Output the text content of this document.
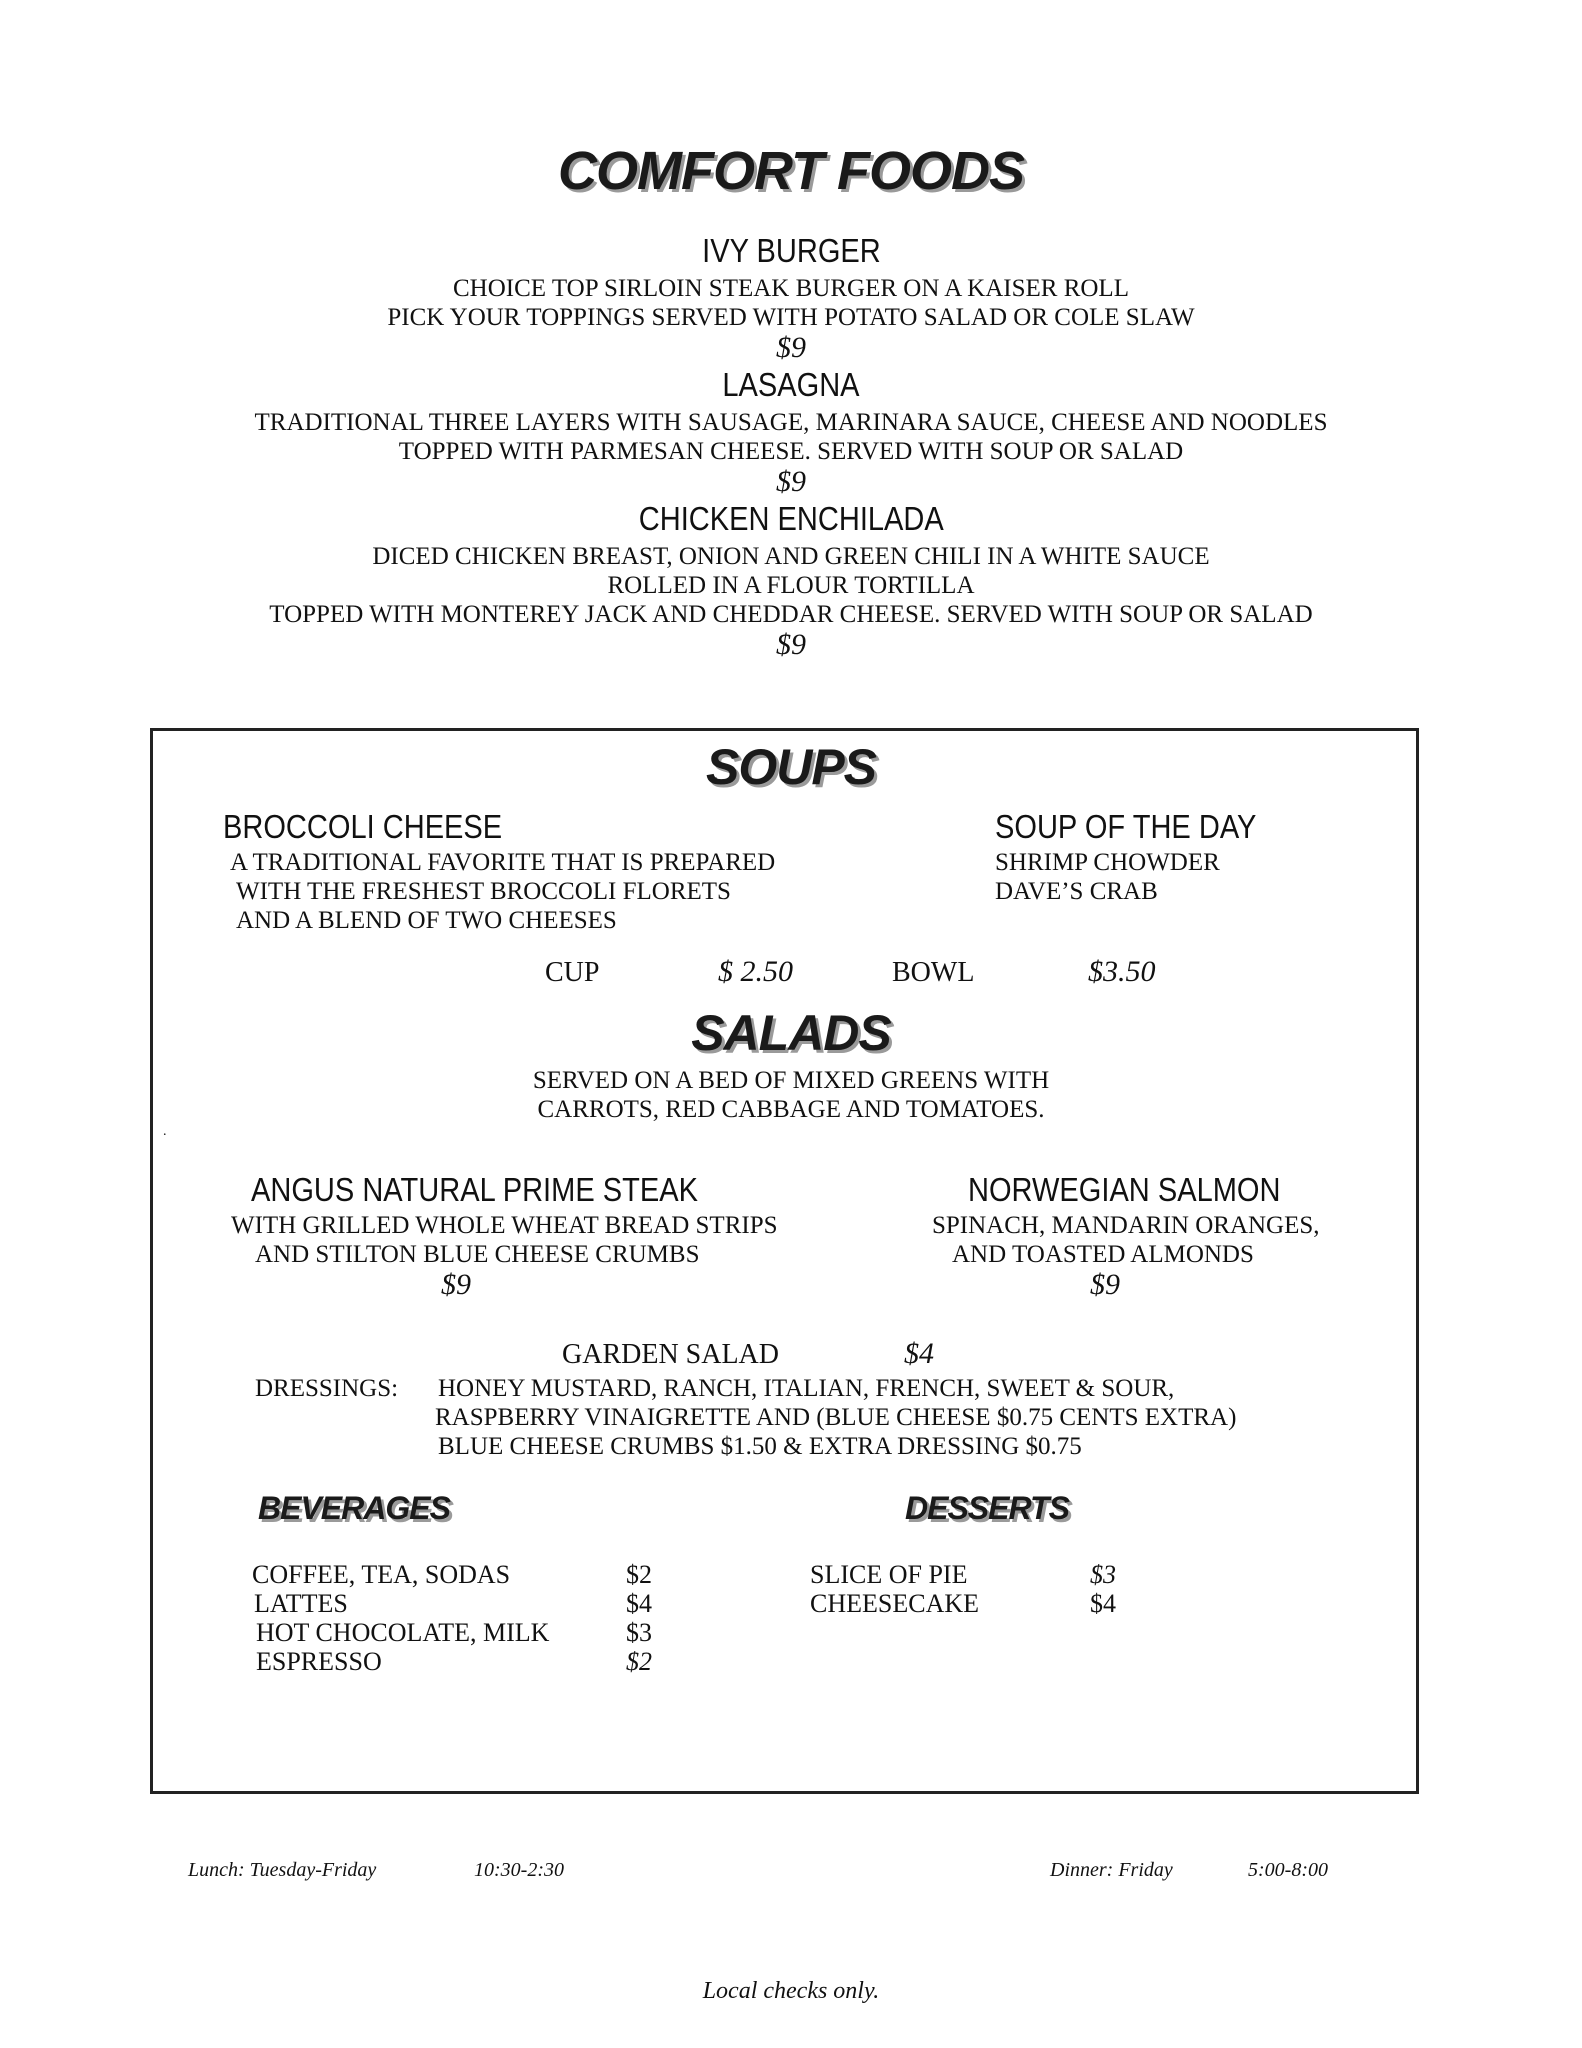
COMFORT FOODS
IVY BURGER
CHOICE TOP SIRLOIN STEAK BURGER ON A KAISER ROLL
PICK YOUR TOPPINGS SERVED WITH POTATO SALAD OR COLE SLAW
$9
LASAGNA
TRADITIONAL THREE LAYERS WITH SAUSAGE, MARINARA SAUCE, CHEESE AND NOODLES
TOPPED WITH PARMESAN CHEESE. SERVED WITH SOUP OR SALAD
$9
CHICKEN ENCHILADA
DICED CHICKEN BREAST, ONION AND GREEN CHILI IN A WHITE SAUCE
ROLLED IN A FLOUR TORTILLA
TOPPED WITH MONTEREY JACK AND CHEDDAR CHEESE. SERVED WITH SOUP OR SALAD
$9
SOUPS
BROCCOLI CHEESE
A TRADITIONAL FAVORITE THAT IS PREPARED
WITH THE FRESHEST BROCCOLI FLORETS
AND A BLEND OF TWO CHEESES
SOUP OF THE DAY
SHRIMP CHOWDER
DAVE’S CRAB
CUP	$ 2.50	BOWL	$3.50
SALADS
SERVED ON A BED OF MIXED GREENS WITH
CARROTS, RED CABBAGE AND TOMATOES.
.
ANGUS NATURAL PRIME STEAK
WITH GRILLED WHOLE WHEAT BREAD STRIPS
AND STILTON BLUE CHEESE CRUMBS
$9
NORWEGIAN SALMON
SPINACH, MANDARIN ORANGES,
AND TOASTED ALMONDS
$9
GARDEN SALAD	$4
DRESSINGS: HONEY MUSTARD, RANCH, ITALIAN, FRENCH, SWEET & SOUR,
RASPBERRY VINAIGRETTE AND (BLUE CHEESE $0.75 CENTS EXTRA)
BLUE CHEESE CRUMBS $1.50 & EXTRA DRESSING $0.75
BEVERAGES
COFFEE, TEA, SODAS	$2
LATTES	$4
HOT CHOCOLATE, MILK	$3
ESPRESSO	$2
DESSERTS
SLICE OF PIE	$3
CHEESECAKE	$4
Lunch: Tuesday-Friday	10:30-2:30	Dinner: Friday	5:00-8:00
Local checks only.
